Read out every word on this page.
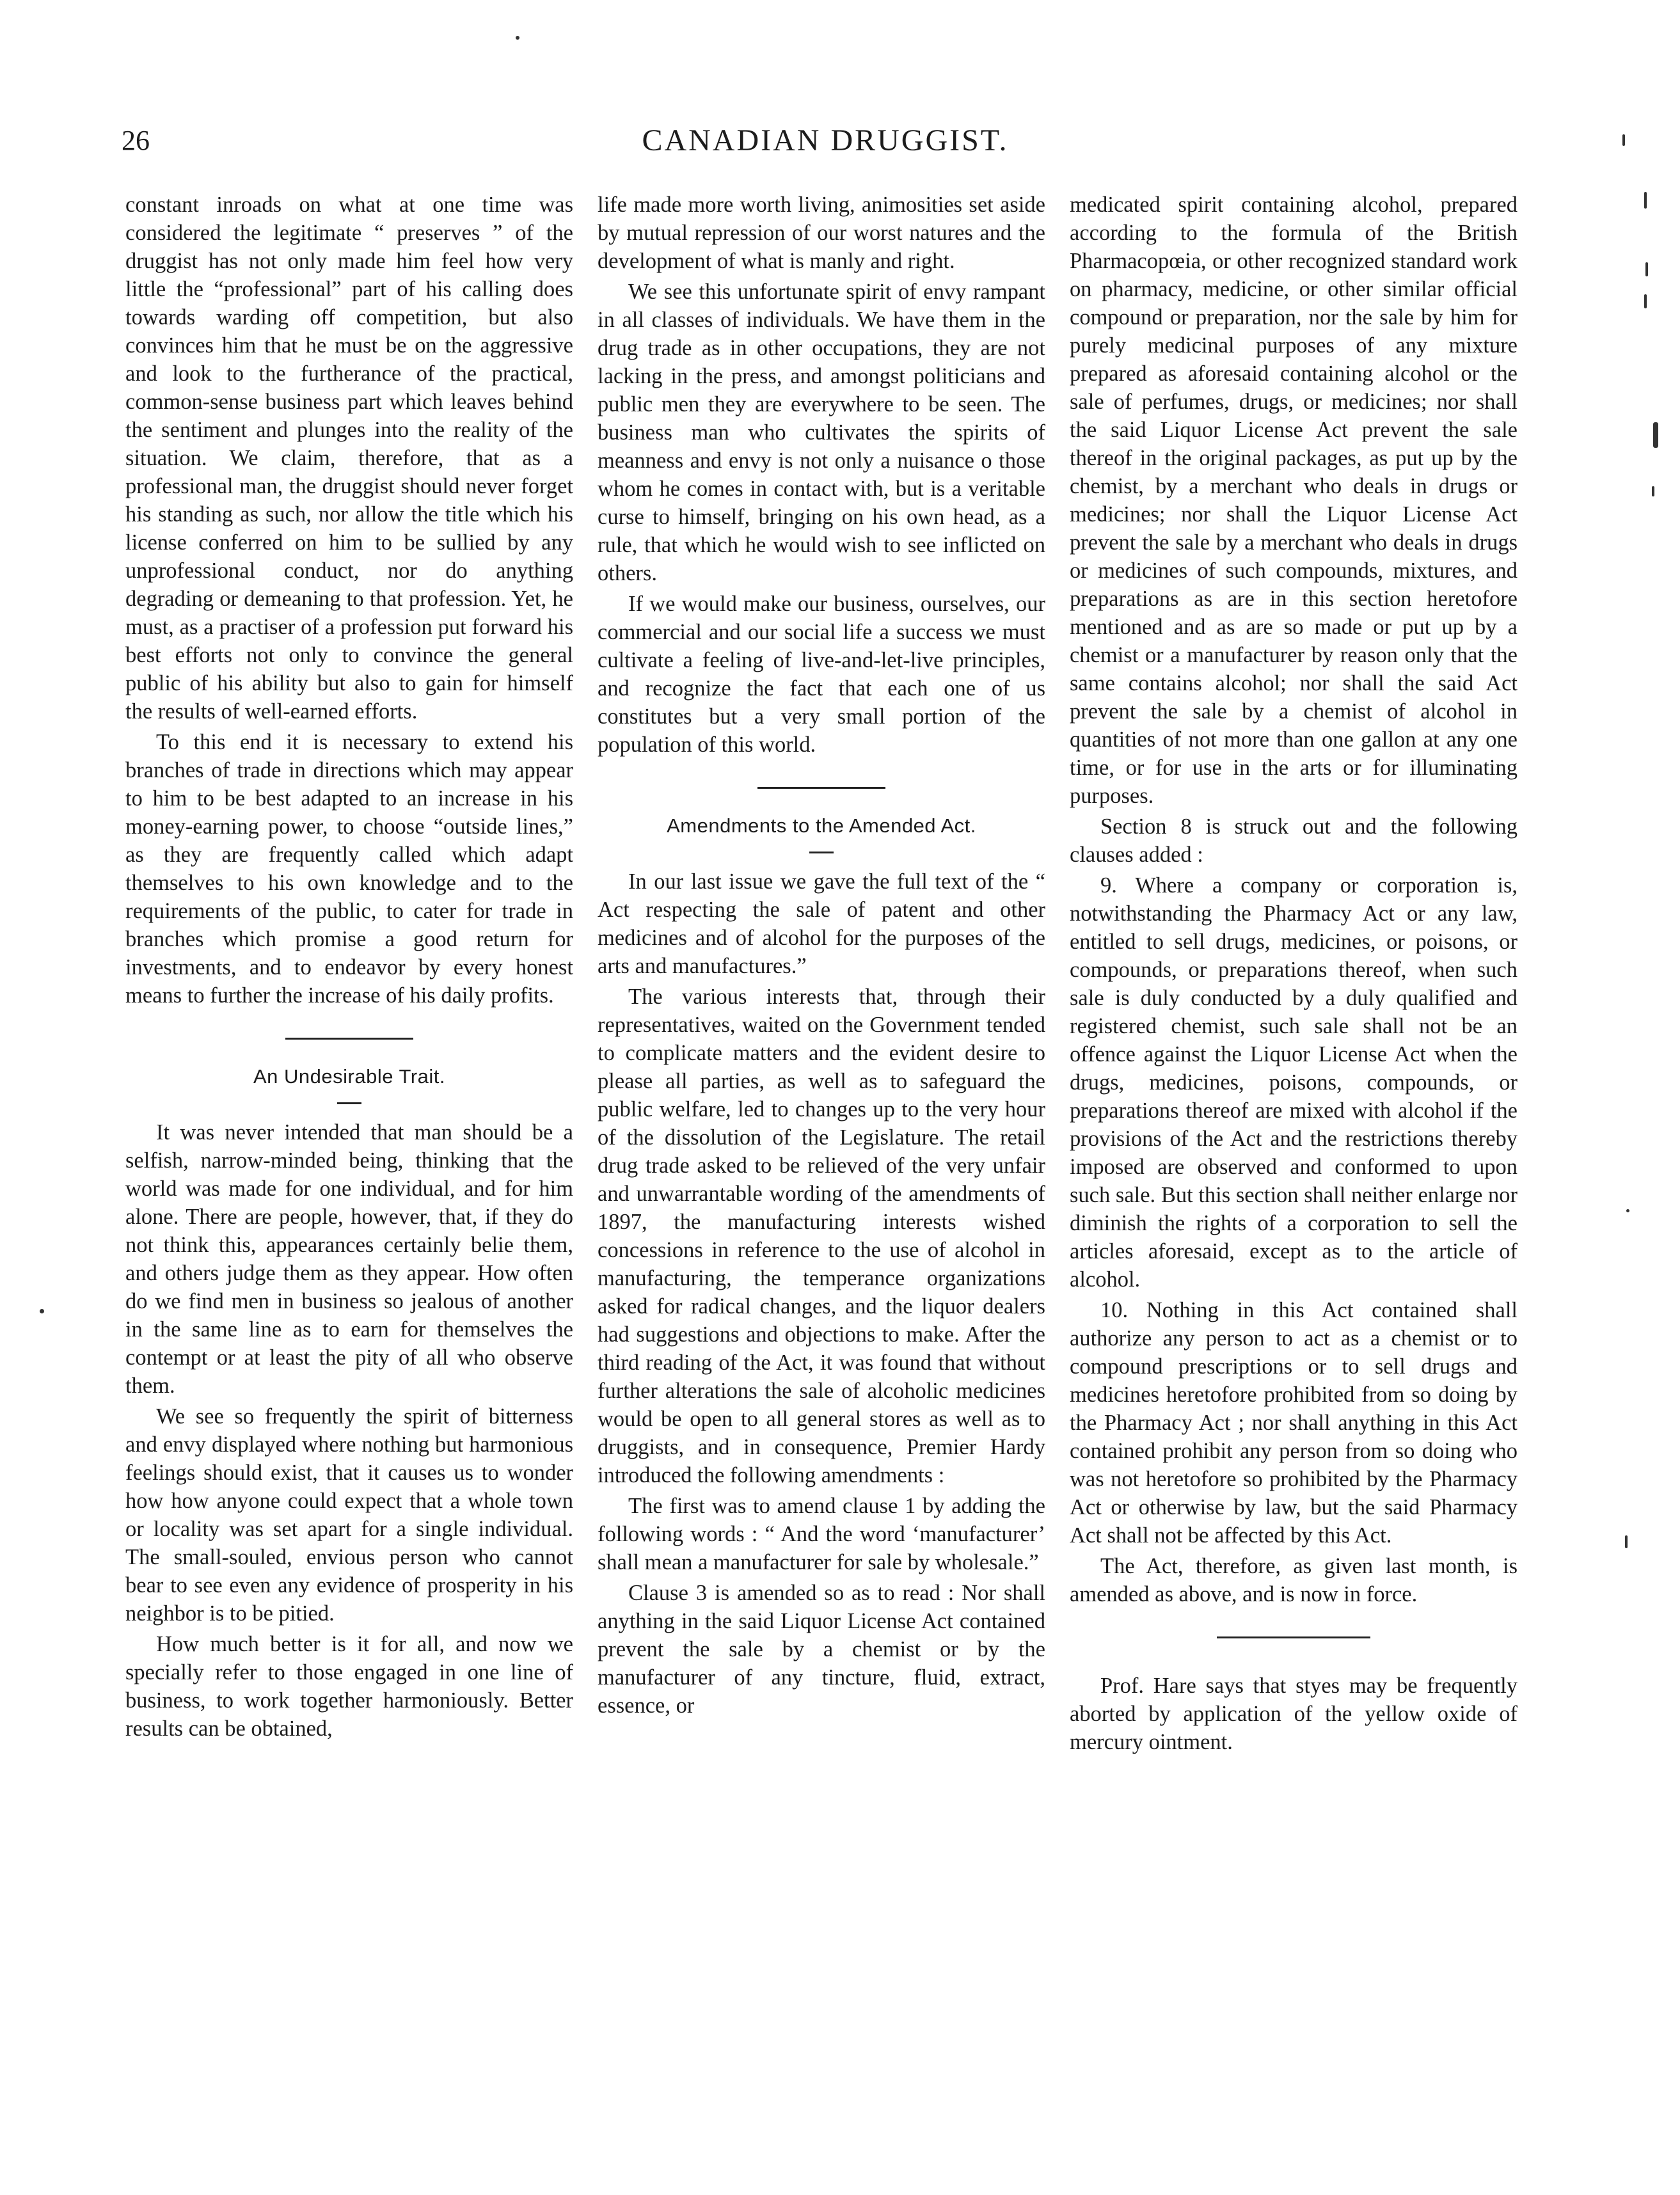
26	CANADIAN DRUGGIST.

constant inroads on what at one time was considered the legitimate “ preserves ” of the druggist has not only made him feel how very little the “professional” part of his calling does towards warding off competition, but also convinces him that he must be on the aggressive and look to the furtherance of the practical, common-sense business part which leaves behind the sentiment and plunges into the reality of the situation. We claim, therefore, that as a professional man, the druggist should never forget his standing as such, nor allow the title which his license conferred on him to be sullied by any unprofessional conduct, nor do anything degrading or demeaning to that profession. Yet, he must, as a practiser of a profession put forward his best efforts not only to convince the general public of his ability but also to gain for himself the results of well-earned efforts.

To this end it is necessary to extend his branches of trade in directions which may appear to him to be best adapted to an increase in his money-earning power, to choose “outside lines,” as they are frequently called which adapt themselves to his own knowledge and to the requirements of the public, to cater for trade in branches which promise a good return for investments, and to endeavor by every honest means to further the increase of his daily profits.

An Undesirable Trait.

It was never intended that man should be a selfish, narrow-minded being, thinking that the world was made for one individual, and for him alone. There are people, however, that, if they do not think this, appearances certainly belie them, and others judge them as they appear. How often do we find men in business so jealous of another in the same line as to earn for themselves the contempt or at least the pity of all who observe them.

We see so frequently the spirit of bitterness and envy displayed where nothing but harmonious feelings should exist, that it causes us to wonder how how anyone could expect that a whole town or locality was set apart for a single individual. The small-souled, envious person who cannot bear to see even any evidence of prosperity in his neighbor is to be pitied.

How much better is it for all, and now we specially refer to those engaged in one line of business, to work together harmoniously. Better results can be obtained,

life made more worth living, animosities set aside by mutual repression of our worst natures and the development of what is manly and right.

We see this unfortunate spirit of envy rampant in all classes of individuals. We have them in the drug trade as in other occupations, they are not lacking in the press, and amongst politicians and public men they are everywhere to be seen. The business man who cultivates the spirits of meanness and envy is not only a nuisance o those whom he comes in contact with, but is a veritable curse to himself, bringing on his own head, as a rule, that which he would wish to see inflicted on others.

If we would make our business, ourselves, our commercial and our social life a success we must cultivate a feeling of live-and-let-live principles, and recognize the fact that each one of us constitutes but a very small portion of the population of this world.

Amendments to the Amended Act.

In our last issue we gave the full text of the “ Act respecting the sale of patent and other medicines and of alcohol for the purposes of the arts and manufactures.”

The various interests that, through their representatives, waited on the Government tended to complicate matters and the evident desire to please all parties, as well as to safeguard the public welfare, led to changes up to the very hour of the dissolution of the Legislature. The retail drug trade asked to be relieved of the very unfair and unwarrantable wording of the amendments of 1897, the manufacturing interests wished concessions in reference to the use of alcohol in manufacturing, the temperance organizations asked for radical changes, and the liquor dealers had suggestions and objections to make. After the third reading of the Act, it was found that without further alterations the sale of alcoholic medicines would be open to all general stores as well as to druggists, and in consequence, Premier Hardy introduced the following amendments :

The first was to amend clause 1 by adding the following words : “ And the word ‘manufacturer’ shall mean a manufacturer for sale by wholesale.”

Clause 3 is amended so as to read : Nor shall anything in the said Liquor License Act contained prevent the sale by a chemist or by the manufacturer of any tincture, fluid, extract, essence, or

medicated spirit containing alcohol, prepared according to the formula of the British Pharmacopœia, or other recognized standard work on pharmacy, medicine, or other similar official compound or preparation, nor the sale by him for purely medicinal purposes of any mixture prepared as aforesaid containing alcohol or the sale of perfumes, drugs, or medicines; nor shall the said Liquor License Act prevent the sale thereof in the original packages, as put up by the chemist, by a merchant who deals in drugs or medicines; nor shall the Liquor License Act prevent the sale by a merchant who deals in drugs or medicines of such compounds, mixtures, and preparations as are in this section heretofore mentioned and as are so made or put up by a chemist or a manufacturer by reason only that the same contains alcohol; nor shall the said Act prevent the sale by a chemist of alcohol in quantities of not more than one gallon at any one time, or for use in the arts or for illuminating purposes.

Section 8 is struck out and the following clauses added :

9. Where a company or corporation is, notwithstanding the Pharmacy Act or any law, entitled to sell drugs, medicines, or poisons, or compounds, or preparations thereof, when such sale is duly conducted by a duly qualified and registered chemist, such sale shall not be an offence against the Liquor License Act when the drugs, medicines, poisons, compounds, or preparations thereof are mixed with alcohol if the provisions of the Act and the restrictions thereby imposed are observed and conformed to upon such sale. But this section shall neither enlarge nor diminish the rights of a corporation to sell the articles aforesaid, except as to the article of alcohol.

10. Nothing in this Act contained shall authorize any person to act as a chemist or to compound prescriptions or to sell drugs and medicines heretofore prohibited from so doing by the Pharmacy Act ; nor shall anything in this Act contained prohibit any person from so doing who was not heretofore so prohibited by the Pharmacy Act or otherwise by law, but the said Pharmacy Act shall not be affected by this Act.

The Act, therefore, as given last month, is amended as above, and is now in force.

Prof. Hare says that styes may be frequently aborted by application of the yellow oxide of mercury ointment.
